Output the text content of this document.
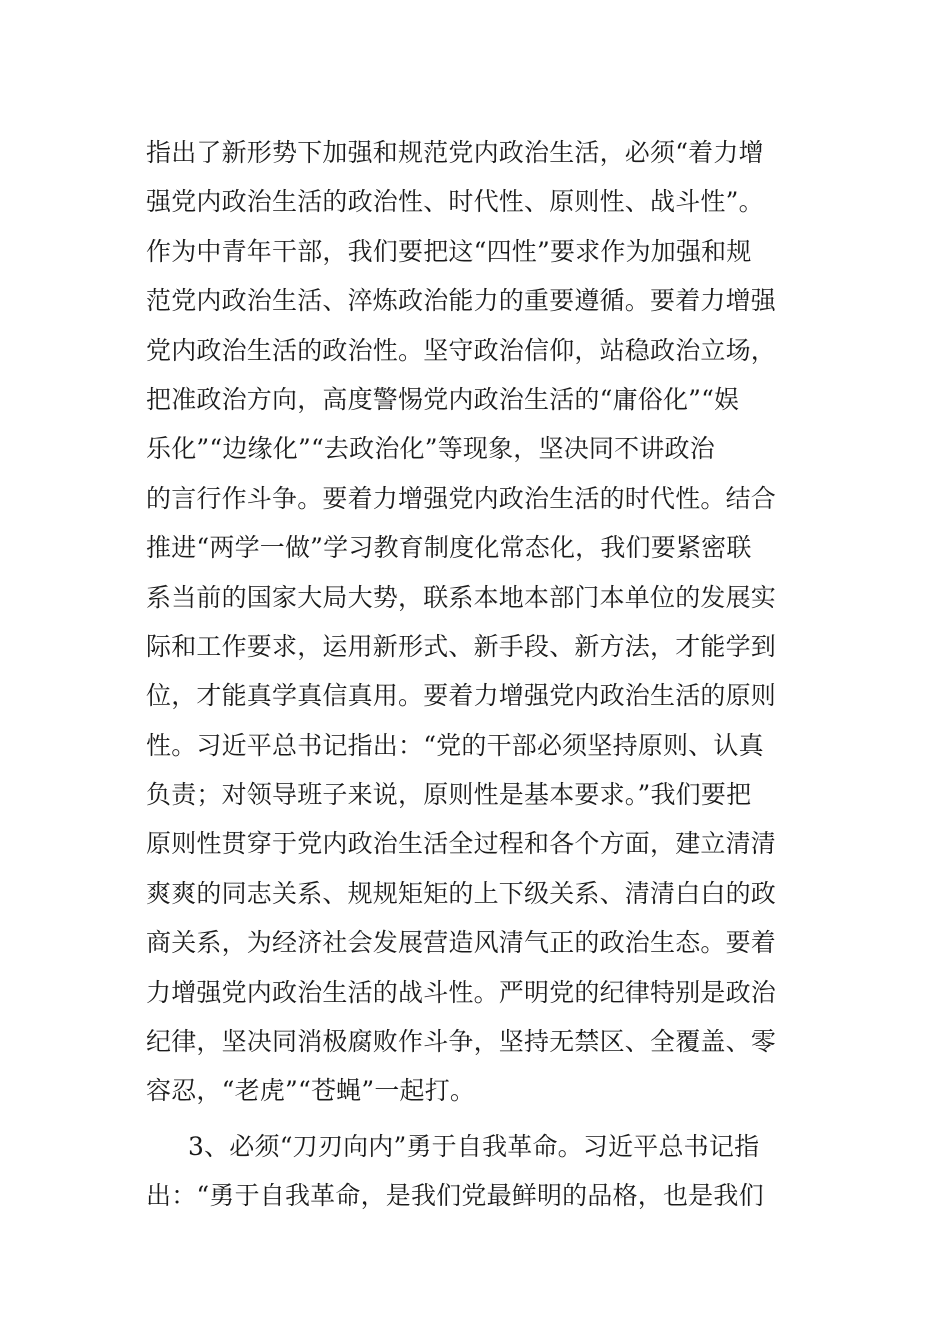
指出了新形势下加强和规范党内政治生活，必须“着力增
强党内政治生活的政治性、时代性、原则性、战斗性”。
作为中青年干部，我们要把这“四性”要求作为加强和规
范党内政治生活、淬炼政治能力的重要遵循。要着力增强
党内政治生活的政治性。坚守政治信仰，站稳政治立场，
把准政治方向，高度警惕党内政治生活的“庸俗化”“娱
乐化”“边缘化”“去政治化”等现象，坚决同不讲政治
的言行作斗争。要着力增强党内政治生活的时代性。结合
推进“两学一做”学习教育制度化常态化，我们要紧密联
系当前的国家大局大势，联系本地本部门本单位的发展实
际和工作要求，运用新形式、新手段、新方法，才能学到
位，才能真学真信真用。要着力增强党内政治生活的原则
性。习近平总书记指出：“党的干部必须坚持原则、认真
负责；对领导班子来说，原则性是基本要求。”我们要把
原则性贯穿于党内政治生活全过程和各个方面，建立清清
爽爽的同志关系、规规矩矩的上下级关系、清清白白的政
商关系，为经济社会发展营造风清气正的政治生态。要着
力增强党内政治生活的战斗性。严明党的纪律特别是政治
纪律，坚决同消极腐败作斗争，坚持无禁区、全覆盖、零
容忍，“老虎”“苍蝇”一起打。
3、必须“刀刃向内”勇于自我革命。习近平总书记指
出：“勇于自我革命，是我们党最鲜明的品格，也是我们
